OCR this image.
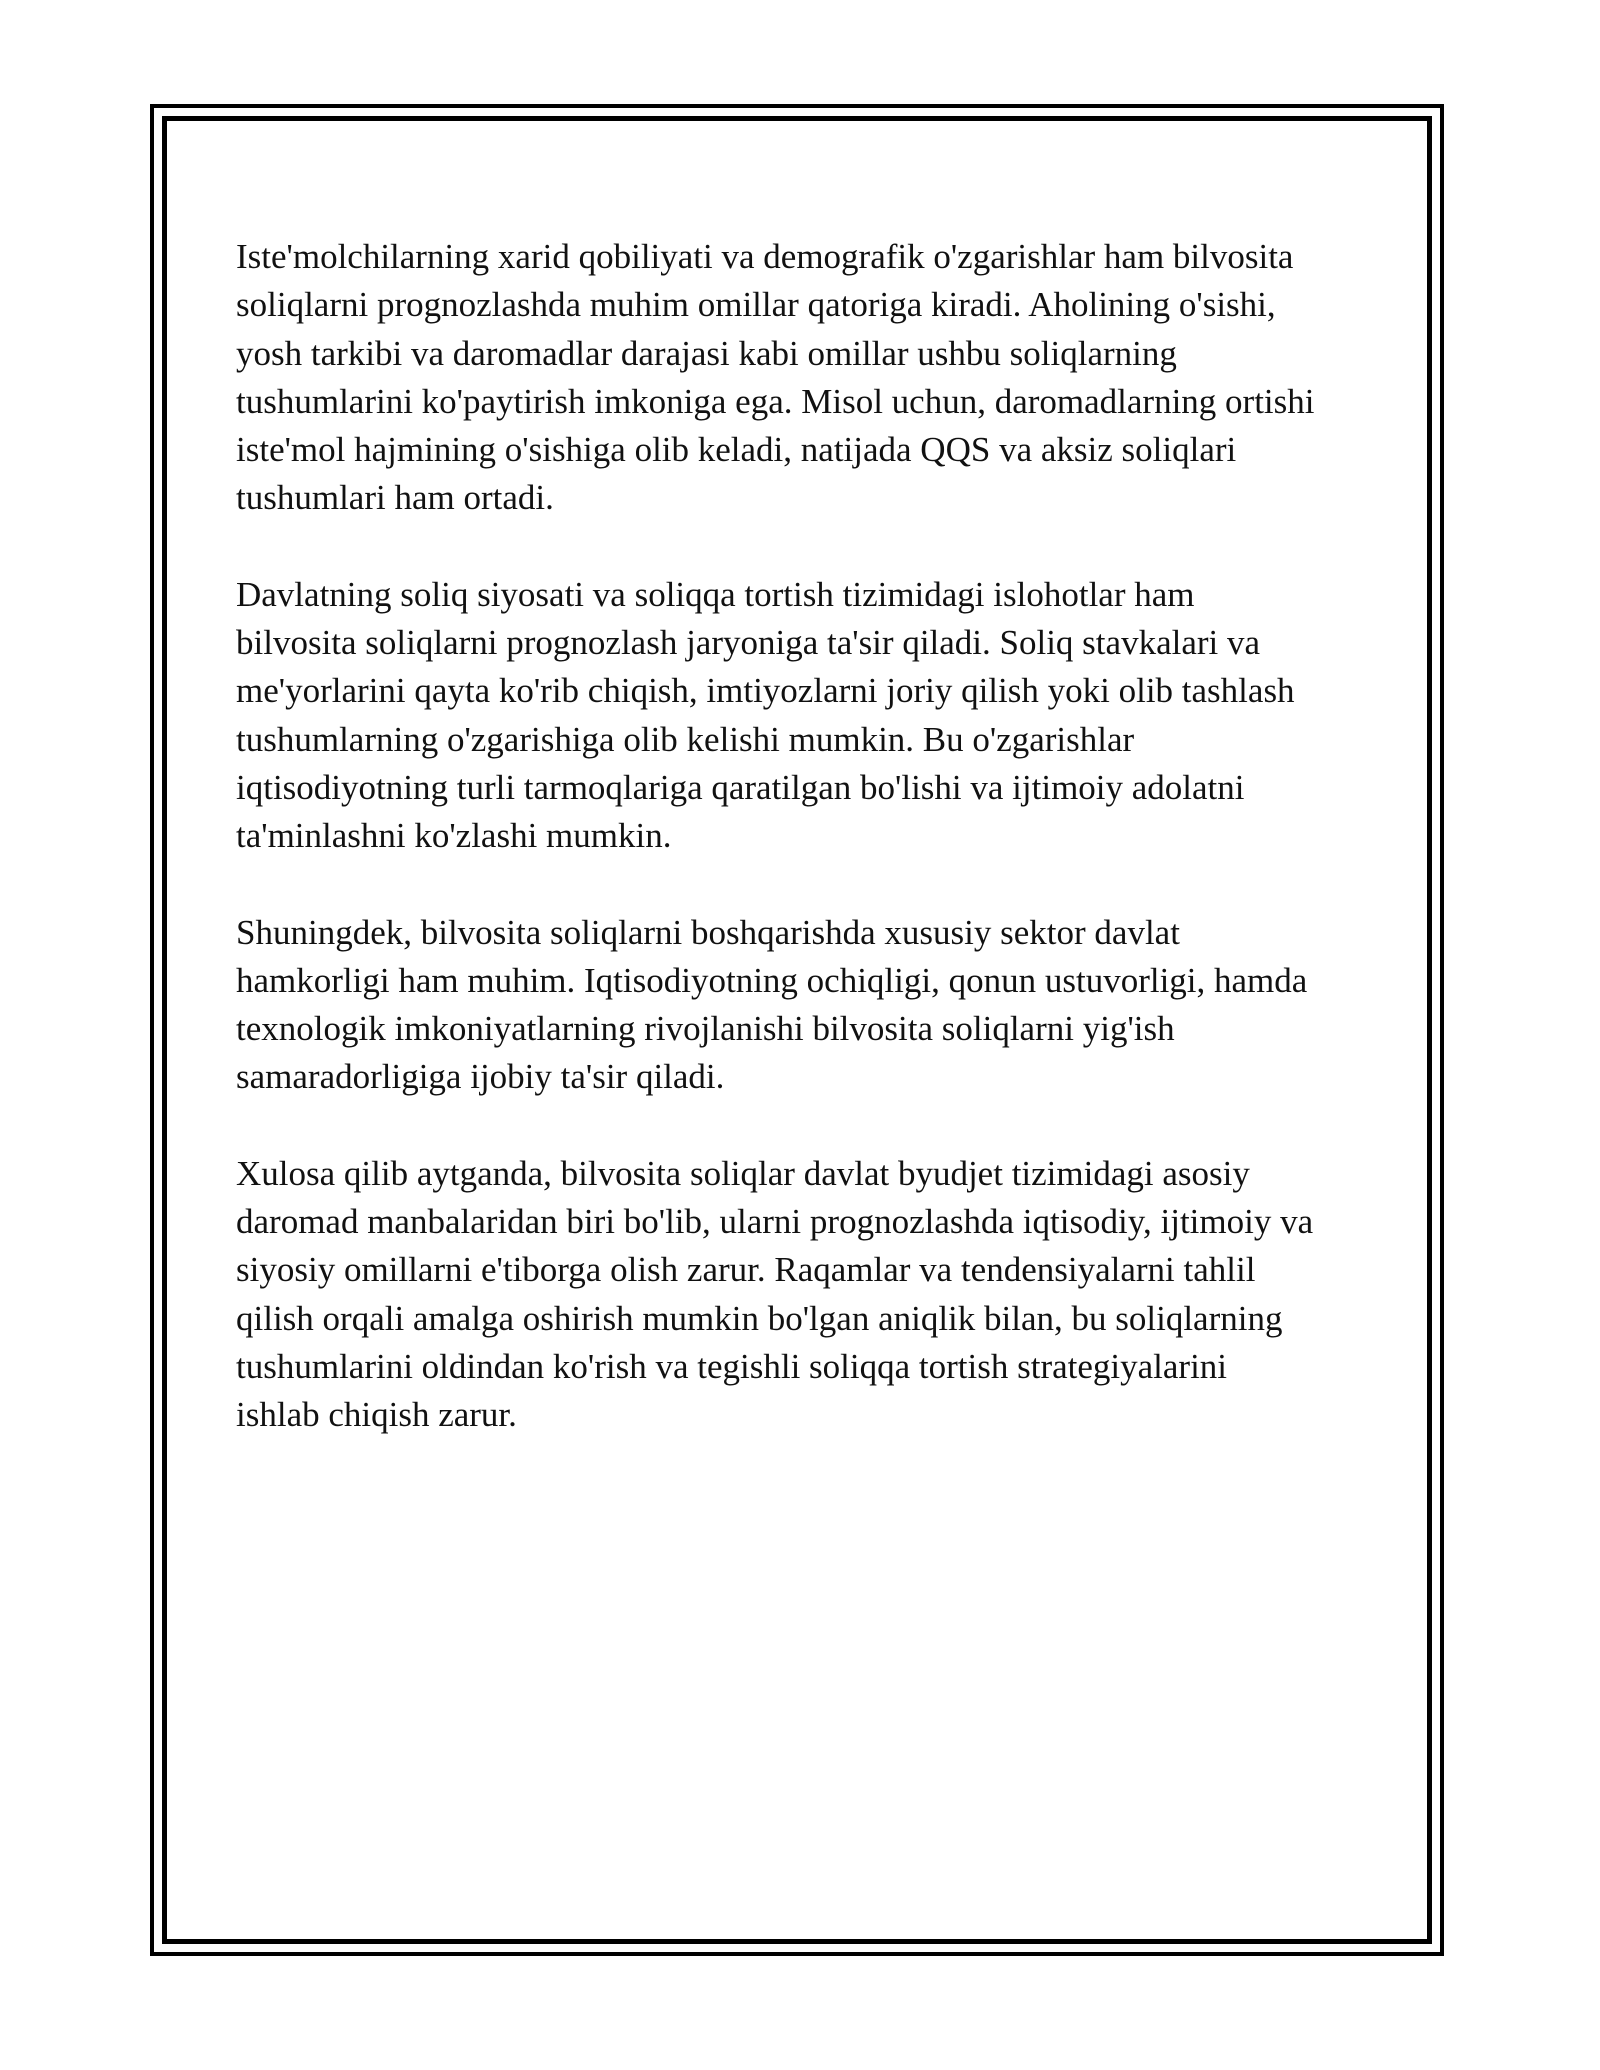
Iste'molchilarning xarid qobiliyati va demografik o'zgarishlar ham bilvosita
soliqlarni prognozlashda muhim omillar qatoriga kiradi. Aholining o'sishi,
yosh tarkibi va daromadlar darajasi kabi omillar ushbu soliqlarning
tushumlarini ko'paytirish imkoniga ega. Misol uchun, daromadlarning ortishi
iste'mol hajmining o'sishiga olib keladi, natijada QQS va aksiz soliqlari
tushumlari ham ortadi.

Davlatning soliq siyosati va soliqqa tortish tizimidagi islohotlar ham
bilvosita soliqlarni prognozlash jaryoniga ta'sir qiladi. Soliq stavkalari va
me'yorlarini qayta ko'rib chiqish, imtiyozlarni joriy qilish yoki olib tashlash
tushumlarning o'zgarishiga olib kelishi mumkin. Bu o'zgarishlar
iqtisodiyotning turli tarmoqlariga qaratilgan bo'lishi va ijtimoiy adolatni
ta'minlashni ko'zlashi mumkin.

Shuningdek, bilvosita soliqlarni boshqarishda xususiy sektor davlat
hamkorligi ham muhim. Iqtisodiyotning ochiqligi, qonun ustuvorligi, hamda
texnologik imkoniyatlarning rivojlanishi bilvosita soliqlarni yig'ish
samaradorligiga ijobiy ta'sir qiladi.

Xulosa qilib aytganda, bilvosita soliqlar davlat byudjet tizimidagi asosiy
daromad manbalaridan biri bo'lib, ularni prognozlashda iqtisodiy, ijtimoiy va
siyosiy omillarni e'tiborga olish zarur. Raqamlar va tendensiyalarni tahlil
qilish orqali amalga oshirish mumkin bo'lgan aniqlik bilan, bu soliqlarning
tushumlarini oldindan ko'rish va tegishli soliqqa tortish strategiyalarini
ishlab chiqish zarur.
